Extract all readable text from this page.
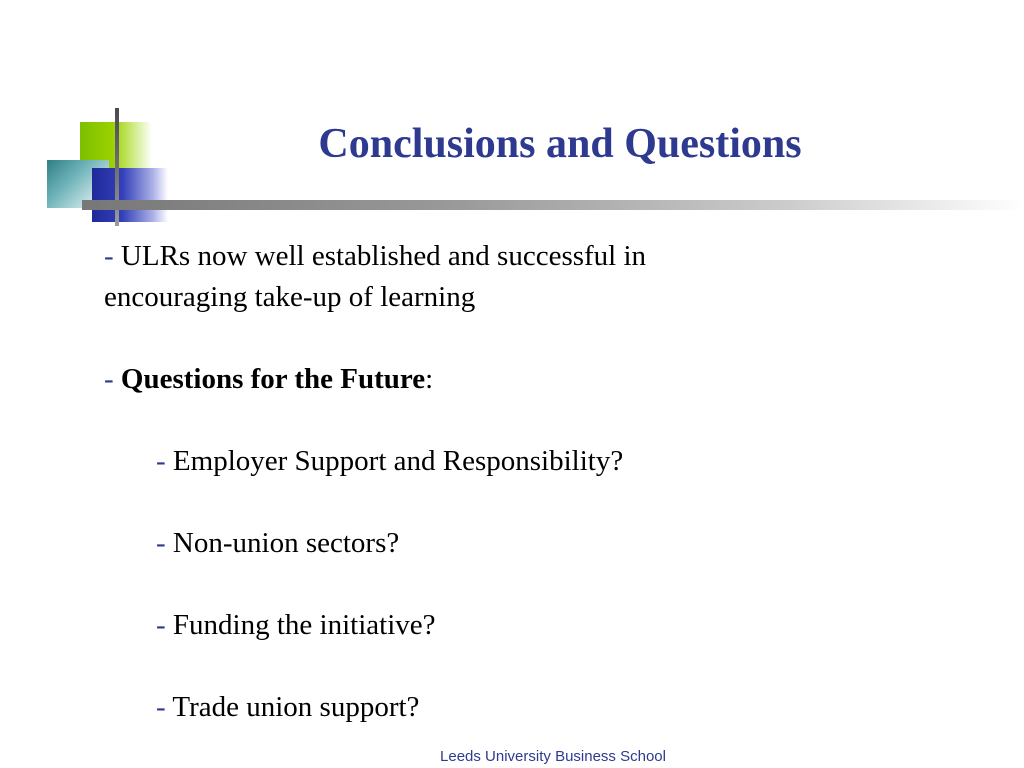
Conclusions and Questions
- ULRs now well established and successful in
encouraging take-up of learning
- Questions for the Future:
- Employer Support and Responsibility?
- Non-union sectors?
- Funding the initiative?
- Trade union support?
Leeds University Business School
